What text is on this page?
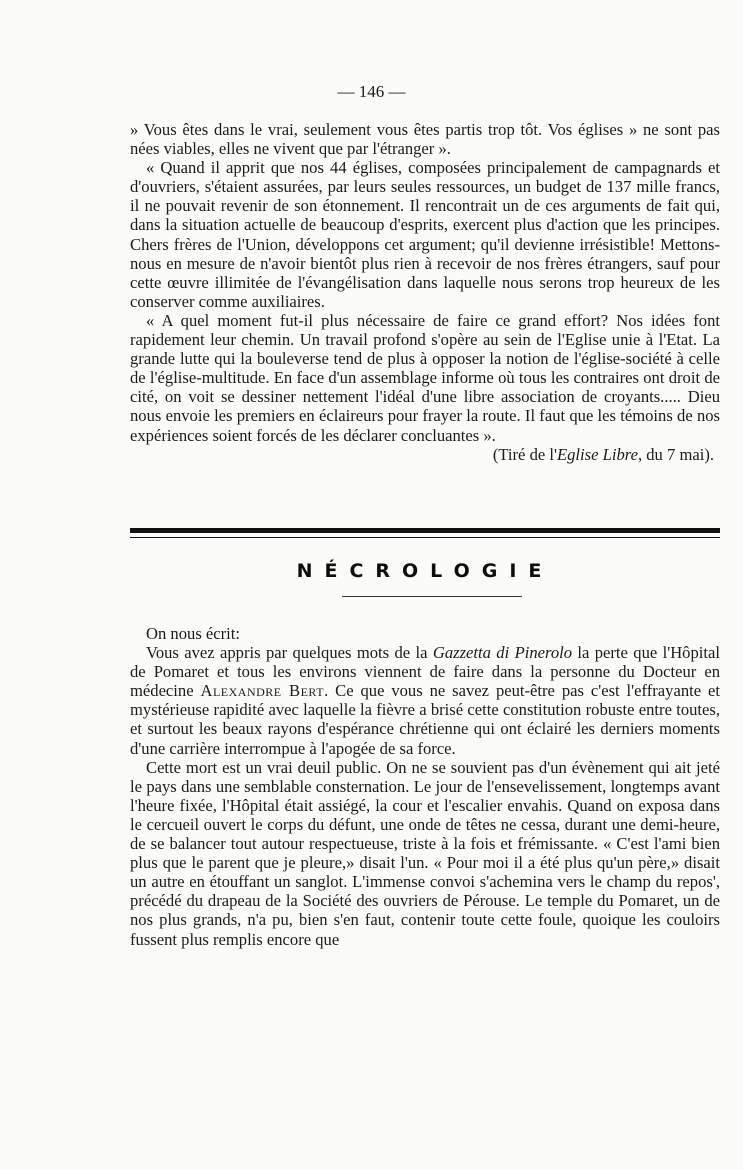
— 146 —

» Vous êtes dans le vrai, seulement vous êtes partis trop tôt. Vos églises » ne sont pas nées viables, elles ne vivent que par l'étranger ».

« Quand il apprit que nos 44 églises, composées principalement de campagnards et d'ouvriers, s'étaient assurées, par leurs seules ressources, un budget de 137 mille francs, il ne pouvait revenir de son étonnement. Il rencontrait un de ces arguments de fait qui, dans la situation actuelle de beaucoup d'esprits, exercent plus d'action que les principes. Chers frères de l'Union, développons cet argument; qu'il devienne irrésistible! Mettons-nous en mesure de n'avoir bientôt plus rien à recevoir de nos frères étrangers, sauf pour cette œuvre illimitée de l'évangélisation dans laquelle nous serons trop heureux de les conserver comme auxiliaires.

« A quel moment fut-il plus nécessaire de faire ce grand effort? Nos idées font rapidement leur chemin. Un travail profond s'opère au sein de l'Eglise unie à l'Etat. La grande lutte qui la bouleverse tend de plus à opposer la notion de l'église-société à celle de l'église-multitude. En face d'un assemblage informe où tous les contraires ont droit de cité, on voit se dessiner nettement l'idéal d'une libre association de croyants..... Dieu nous envoie les premiers en éclaireurs pour frayer la route. Il faut que les témoins de nos expériences soient forcés de les déclarer concluantes ».

(Tiré de l'Eglise Libre, du 7 mai).

NÉCROLOGIE

On nous écrit:

Vous avez appris par quelques mots de la Gazzetta di Pinerolo la perte que l'Hôpital de Pomaret et tous les environs viennent de faire dans la personne du Docteur en médecine Alexandre Bert. Ce que vous ne savez peut-être pas c'est l'effrayante et mystérieuse rapidité avec laquelle la fièvre a brisé cette constitution robuste entre toutes, et surtout les beaux rayons d'espérance chrétienne qui ont éclairé les derniers moments d'une carrière interrompue à l'apogée de sa force.

Cette mort est un vrai deuil public. On ne se souvient pas d'un évènement qui ait jeté le pays dans une semblable consternation. Le jour de l'ensevelissement, longtemps avant l'heure fixée, l'Hôpital était assiégé, la cour et l'escalier envahis. Quand on exposa dans le cercueil ouvert le corps du défunt, une onde de têtes ne cessa, durant une demi-heure, de se balancer tout autour respectueuse, triste à la fois et frémissante. « C'est l'ami bien plus que le parent que je pleure,» disait l'un. « Pour moi il a été plus qu'un père,» disait un autre en étouffant un sanglot. L'immense convoi s'achemina vers le champ du repos', précédé du drapeau de la Société des ouvriers de Pérouse. Le temple du Pomaret, un de nos plus grands, n'a pu, bien s'en faut, contenir toute cette foule, quoique les couloirs fussent plus remplis encore que
